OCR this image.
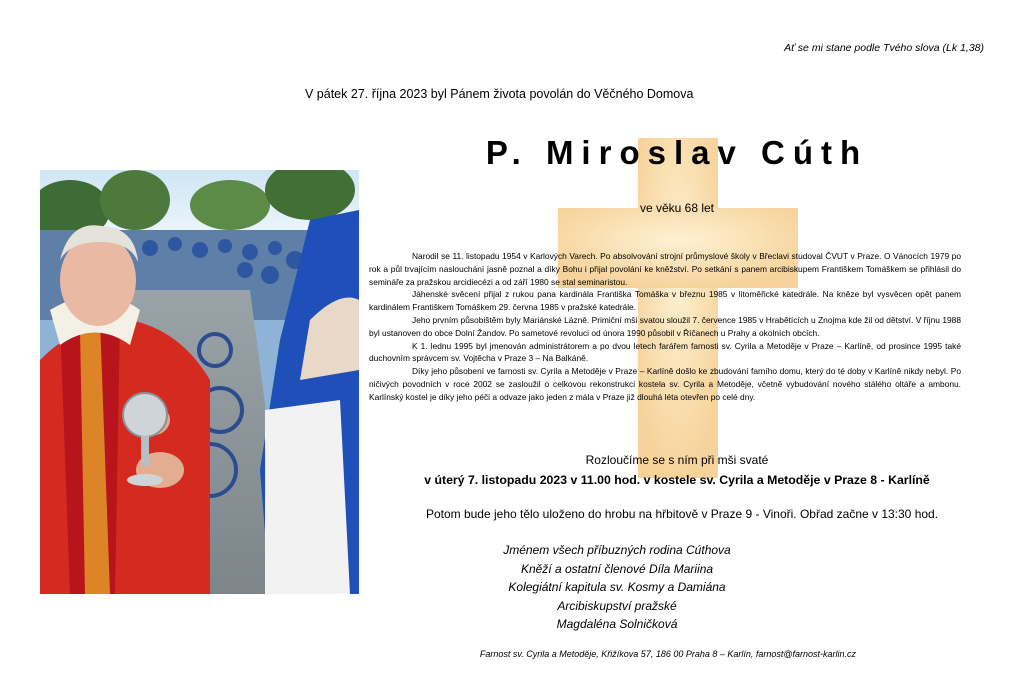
Ať se mi stane podle Tvého slova (Lk 1,38)
V pátek 27. října 2023 byl Pánem života povolán do Věčného Domova
P. Miroslav Cúth
ve věku 68 let

Narodil se 11. listopadu 1954 v Karlových Varech. Po absolvování strojní průmyslové školy v Břeclavi studoval ČVUT v Praze. O Vánocích 1979 po rok a půl trvajícím naslouchání jasně poznal a díky Bohu i přijal povolání ke kněžství. Po setkání s panem arcibiskupem Františkem Tomáškem se přihlásil do semináře za pražskou arcidiecézi a od září 1980 se stal seminaristou.

Jáhenské svěcení přijal z rukou pana kardinála Františka Tomáška v březnu 1985 v litoměřické katedrále. Na kněze byl vysvěcen opět panem kardinálem Františkem Tomáškem 29. června 1985 v pražské katedrále.

Jeho prvním působištěm byly Mariánské Lázně. Primiční mši svatou sloužil 7. července 1985 v Hrabětících u Znojma kde žil od dětství. V říjnu 1988 byl ustanoven do obce Dolní Žandov. Po sametové revoluci od února 1990 působil v Říčanech u Prahy a okolních obcích.

K 1. lednu 1995 byl jmenován administrátorem a po dvou letech farářem farnosti sv. Cyrila a Metoděje v Praze – Karlíně, od prosince 1995 také duchovním správcem sv. Vojtěcha v Praze 3 – Na Balkáně.

Díky jeho působení ve farnosti sv. Cyrila a Metoděje v Praze – Karlíně došlo ke zbudování farního domu, který do té doby v Karlíně nikdy nebyl. Po ničivých povodních v roce 2002 se zasloužil o celkovou rekonstrukci kostela sv. Cyrila a Metoděje, včetně vybudování nového stálého oltáře a ambonu. Karlínský kostel je díky jeho péči a odvaze jako jeden z mála v Praze již dlouhá léta otevřen po celé dny.

Rozloučíme se s ním při mši svaté
v úterý 7. listopadu 2023 v 11.00 hod. v kostele sv. Cyrila a Metoděje v Praze 8 - Karlíně
Potom bude jeho tělo uloženo do hrobu na hřbitově v Praze 9 - Vinoři. Obřad začne v 13:30 hod.
Jménem všech příbuzných rodina Cúthova
Kněží a ostatní členové Díla Mariina
Kolegiátní kapitula sv. Kosmy a Damiána
Arcibiskupství pražské
Magdaléna Solničková
Farnost sv. Cyrila a Metoděje, Křižíkova 57, 186 00 Praha 8 – Karlín, farnost@farnost-karlin.cz
